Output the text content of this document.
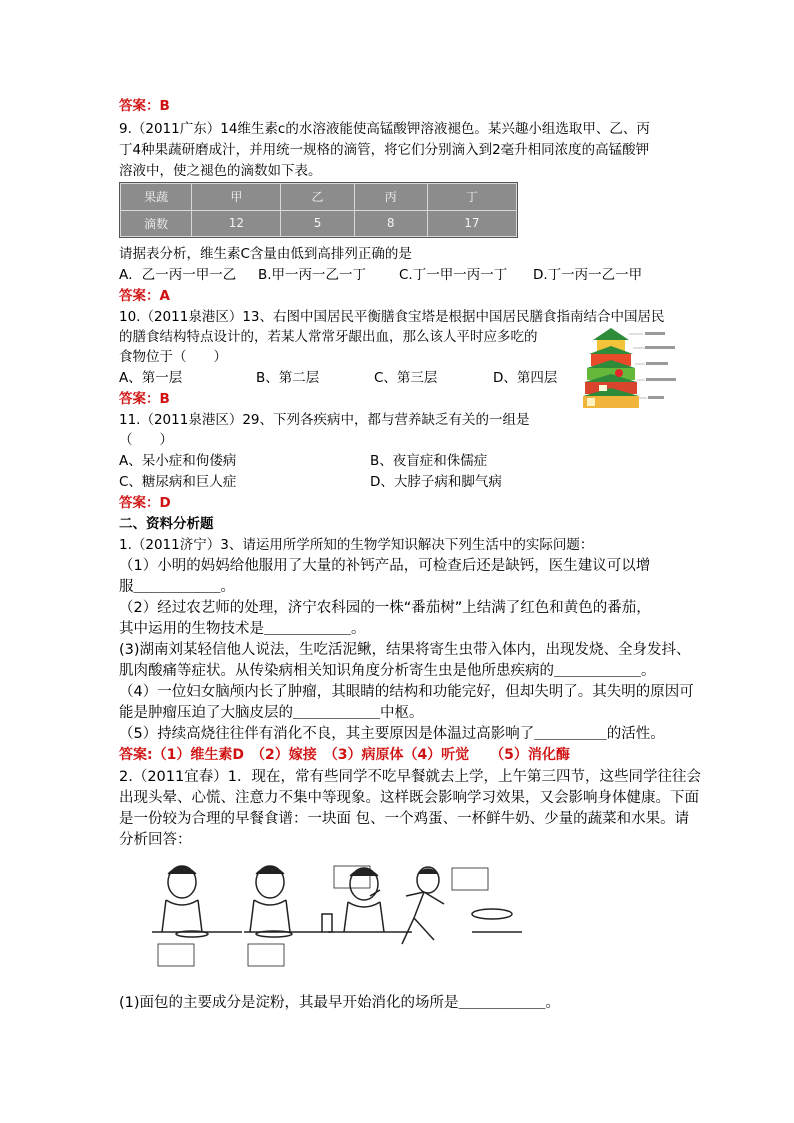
答案：B
9.（2011广东）14维生素c的水溶液能使高锰酸钾溶液褪色。某兴趣小组选取甲、乙、丙
丁4种果蔬研磨成汁，并用统一规格的滴管，将它们分别滴入到2毫升相同浓度的高锰酸钾
溶液中，使之褪色的滴数如下表。
果蔬	甲	乙	丙	丁
滴数	12	5	8	17
请据表分析，维生素C含量由低到高排列正确的是
A．乙一丙一甲一乙 B.甲一丙一乙一丁 C.丁一甲一丙一丁 D.丁一丙一乙一甲
答案：A
10.（2011泉港区）13、右图中国居民平衡膳食宝塔是根据中国居民膳食指南结合中国居民
的膳食结构特点设计的，若某人常常牙龈出血，那么该人平时应多吃的
食物位于（　　）
A、第一层	B、第二层	C、第三层	D、第四层
答案：B
11.（2011泉港区）29、下列各疾病中，都与营养缺乏有关的一组是
（　　）
A、呆小症和佝偻病	B、夜盲症和侏儒症
C、糖尿病和巨人症	D、大脖子病和脚气病
答案：D
二、资料分析题
1.（2011济宁）3、请运用所学所知的生物学知识解决下列生活中的实际问题：
（1）小明的妈妈给他服用了大量的补钙产品，可检查后还是缺钙，医生建议可以增
服＿＿＿＿＿＿。
（2）经过农艺师的处理，济宁农科园的一株“番茄树”上结满了红色和黄色的番茄，
其中运用的生物技术是＿＿＿＿＿＿。
(3)湖南刘某轻信他人说法，生吃活泥鳅，结果将寄生虫带入体内，出现发烧、全身发抖、
肌肉酸痛等症状。从传染病相关知识角度分析寄生虫是他所患疾病的＿＿＿＿＿＿。
（4）一位妇女脑颅内长了肿瘤，其眼睛的结构和功能完好，但却失明了。其失明的原因可
能是肿瘤压迫了大脑皮层的＿＿＿＿＿＿中枢。
（5）持续高烧往往伴有消化不良，其主要原因是体温过高影响了＿＿＿＿＿的活性。
答案:（1）维生素D　（2）嫁接　（3）病原体（4）听觉　　（5）消化酶
2.（2011宜春）1．现在，常有些同学不吃早餐就去上学，上午第三四节，这些同学往往会
出现头晕、心慌、注意力不集中等现象。这样既会影响学习效果，又会影响身体健康。下面
是一份较为合理的早餐食谱：一块面 包、一个鸡蛋、一杯鲜牛奶、少量的蔬菜和水果。请
分析回答：
(1)面包的主要成分是淀粉，其最早开始消化的场所是＿＿＿＿＿＿。
